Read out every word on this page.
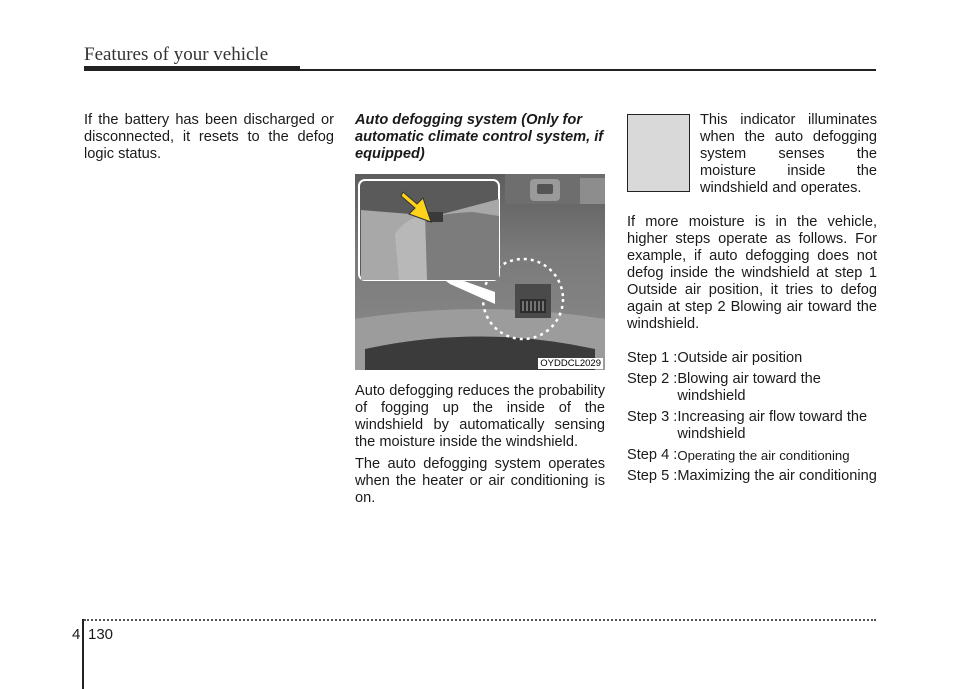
Features of your vehicle

If the battery has been discharged or disconnected, it resets to the defog logic status.

Auto defogging system (Only for automatic climate control system, if equipped)
OYDDCL2029

Auto defogging reduces the probability of fogging up the inside of the windshield by automatically sensing the moisture inside the windshield.

The auto defogging system operates when the heater or air conditioning is on.

This indicator illuminates when the auto defogging system senses the moisture inside the windshield and operates.

If more moisture is in the vehicle, higher steps operate as follows. For example, if auto defogging does not defog inside the windshield at step 1 Outside air position, it tries to defog again at step 2 Blowing air toward the windshield.

Step 1 : Outside air position
Step 2 : Blowing air toward the windshield
Step 3 : Increasing air flow toward the windshield
Step 4 : Operating the air conditioning
Step 5 : Maximizing the air conditioning
4 130
